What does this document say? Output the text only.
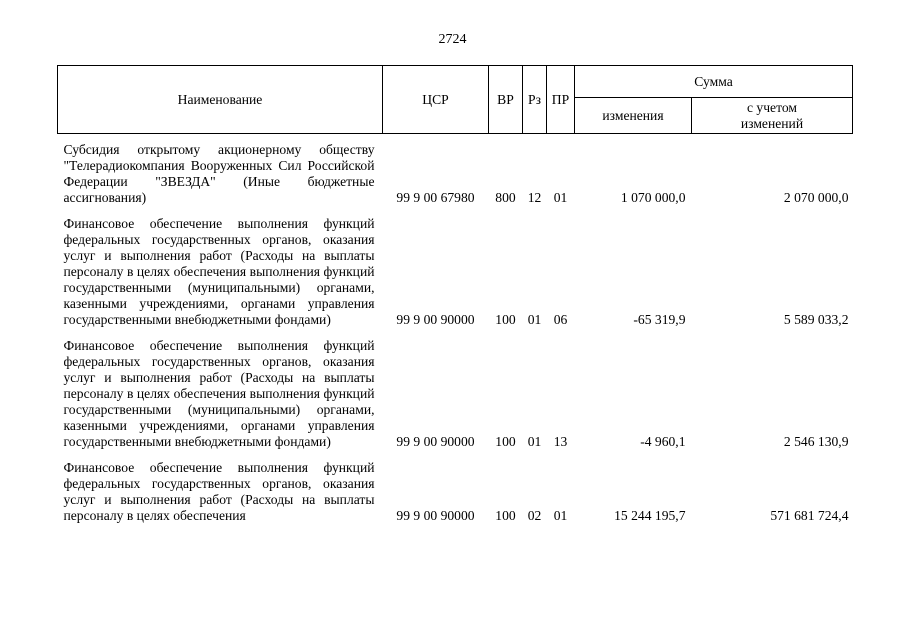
2724
Наименование	ЦСР	ВР	Рз	ПР	Сумма	
					изменения	с учетом изменений

Субсидия открытому акционерному обществу "Телерадиокомпания Вооруженных Сил Российской Федерации "ЗВЕЗДА" (Иные бюджетные ассигнования)	99 9 00 67980	800	12	01	1 070 000,0	2 070 000,0
Финансовое обеспечение выполнения функций федеральных государственных органов, оказания услуг и выполнения работ (Расходы на выплаты персоналу в целях обеспечения выполнения функций государственными (муниципальными) органами, казенными учреждениями, органами управления государственными внебюджетными фондами)	99 9 00 90000	100	01	06	-65 319,9	5 589 033,2
Финансовое обеспечение выполнения функций федеральных государственных органов, оказания услуг и выполнения работ (Расходы на выплаты персоналу в целях обеспечения выполнения функций государственными (муниципальными) органами, казенными учреждениями, органами управления государственными внебюджетными фондами)	99 9 00 90000	100	01	13	-4 960,1	2 546 130,9
Финансовое обеспечение выполнения функций федеральных государственных органов, оказания услуг и выполнения работ (Расходы на выплаты персоналу в целях обеспечения	99 9 00 90000	100	02	01	15 244 195,7	571 681 724,4
